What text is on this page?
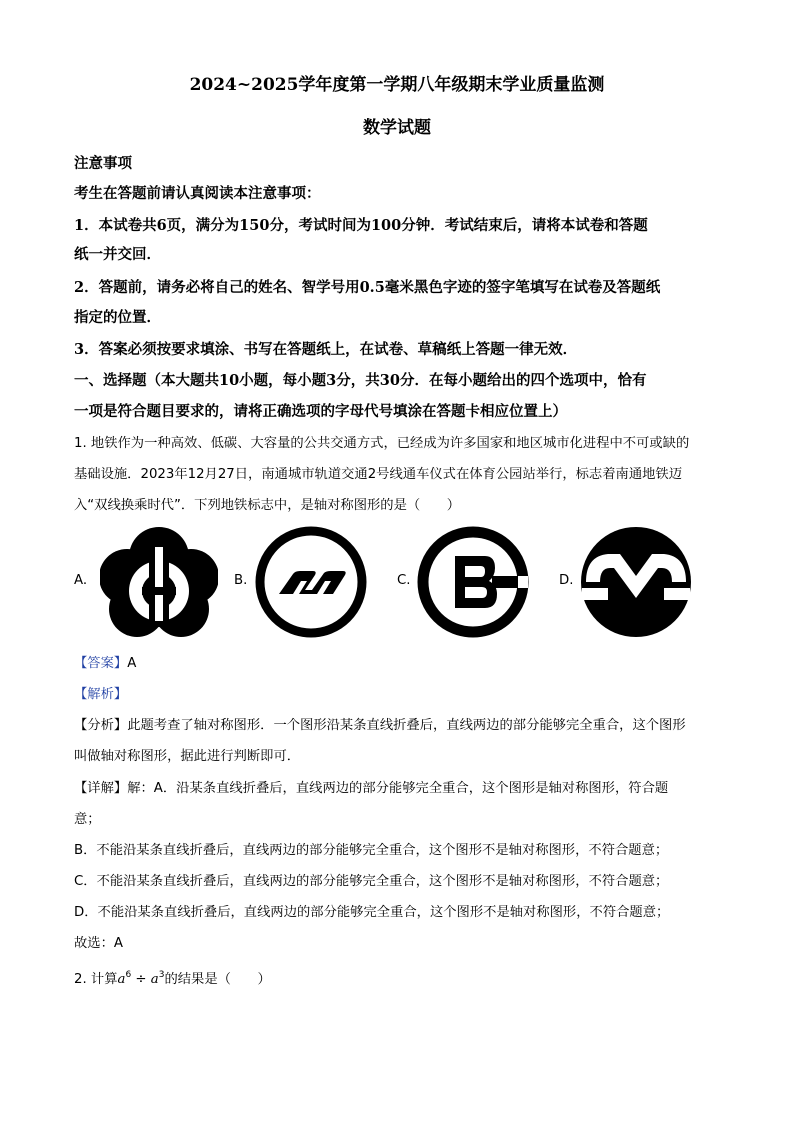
2024~2025学年度第一学期八年级期末学业质量监测
数学试题
注意事项
考生在答题前请认真阅读本注意事项：
1．本试卷共6页，满分为150分，考试时间为100分钟．考试结束后，请将本试卷和答题
纸一并交回．
2．答题前，请务必将自己的姓名、智学号用0.5毫米黑色字迹的签字笔填写在试卷及答题纸
指定的位置．
3．答案必须按要求填涂、书写在答题纸上，在试卷、草稿纸上答题一律无效．
一、选择题（本大题共10小题，每小题3分，共30分．在每小题给出的四个选项中，恰有
一项是符合题目要求的，请将正确选项的字母代号填涂在答题卡相应位置上）
1. 地铁作为一种高效、低碳、大容量的公共交通方式，已经成为许多国家和地区城市化进程中不可或缺的
基础设施．2023年12月27日，南通城市轨道交通2号线通车仪式在体育公园站举行，标志着南通地铁迈
入“双线换乘时代”．下列地铁标志中，是轴对称图形的是（　　）
A.	B.	C.	D.
【答案】A
【解析】
【分析】此题考查了轴对称图形．一个图形沿某条直线折叠后，直线两边的部分能够完全重合，这个图形
叫做轴对称图形，据此进行判断即可．
【详解】解：A．沿某条直线折叠后，直线两边的部分能够完全重合，这个图形是轴对称图形，符合题
意；
B．不能沿某条直线折叠后，直线两边的部分能够完全重合，这个图形不是轴对称图形，不符合题意；
C．不能沿某条直线折叠后，直线两边的部分能够完全重合，这个图形不是轴对称图形，不符合题意；
D．不能沿某条直线折叠后，直线两边的部分能够完全重合，这个图形不是轴对称图形，不符合题意；
故选：A
2. 计算$a^6 \div a^3$的结果是（　　）
